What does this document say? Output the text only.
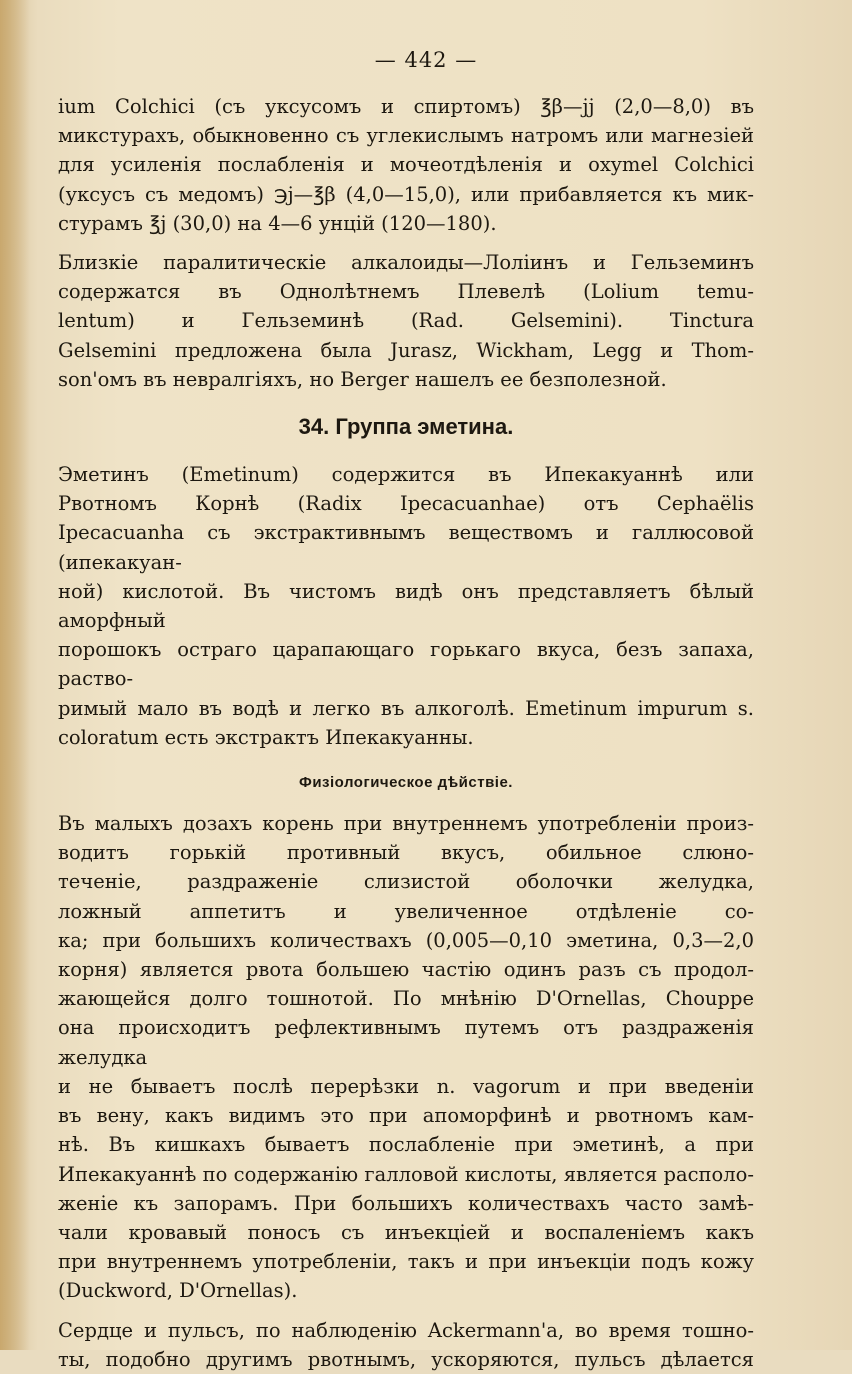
— 442 —

ium Colchici (съ уксусомъ и спиртомъ) ℥β—jj (2,0—8,0) въ

микстурахъ, обыкновенно съ углекислымъ натромъ или магнезіей

для усиленія послабленія и мочеотдѣленія и oxymel Colchici

(уксусъ съ медомъ) ℈j—℥β (4,0—15,0), или прибавляется къ мик-

стурамъ ℥j (30,0) на 4—6 унцій (120—180).

Близкіе паралитическіе алкалоиды—Лоліинъ и Гельземинъ

содержатся въ Однолѣтнемъ Плевелѣ (Lolium temu-

lentum) и Гельземинѣ (Rad. Gelsemini). Tinctura

Gelsemini предложена была Jurasz, Wickham, Legg и Thom-

son'омъ въ невралгіяхъ, но Berger нашелъ ее безполезной.

34. Группа эметина.

Эметинъ (Emetinum) содержится въ Ипекакуаннѣ или

Рвотномъ Корнѣ (Radix Ipecacuanhae) отъ Cephaëlis

Ipecacuanha съ экстрактивнымъ веществомъ и галлюсовой (ипекакуан-

ной) кислотой. Въ чистомъ видѣ онъ представляетъ бѣлый аморфный

порошокъ остраго царапающаго горькаго вкуса, безъ запаха, раство-

римый мало въ водѣ и легко въ алкоголѣ. Emetinum impurum s.

coloratum есть экстрактъ Ипекакуанны.

Физіологическое дѣйствіе.

Въ малыхъ дозахъ корень при внутреннемъ употребленіи произ-

водитъ горькій противный вкусъ, обильное слюно-

теченіе, раздраженіе слизистой оболочки желудка,

ложный аппетитъ и увеличенное отдѣленіе со-

ка; при большихъ количествахъ (0,005—0,10 эметина, 0,3—2,0

корня) является рвота большею частію одинъ разъ съ продол-

жающейся долго тошнотой. По мнѣнію D'Ornellas, Chouppe

она происходитъ рефлективнымъ путемъ отъ раздраженія желудка

и не бываетъ послѣ перерѣзки n. vagorum и при введеніи

въ вену, какъ видимъ это при апоморфинѣ и рвотномъ кам-

нѣ. Въ кишкахъ бываетъ послабленіе при эметинѣ, а при

Ипекакуаннѣ по содержанію галловой кислоты, является располо-

женіе къ запорамъ. При большихъ количествахъ часто замѣ-

чали кровавый поносъ съ инъекціей и воспаленіемъ какъ

при внутреннемъ употребленіи, такъ и при инъекціи подъ кожу

(Duckword, D'Ornellas).

Сердце и пульсъ, по наблюденію Ackermann'a, во время тошно-

ты, подобно другимъ рвотнымъ, ускоряются, пульсъ дѣлается
